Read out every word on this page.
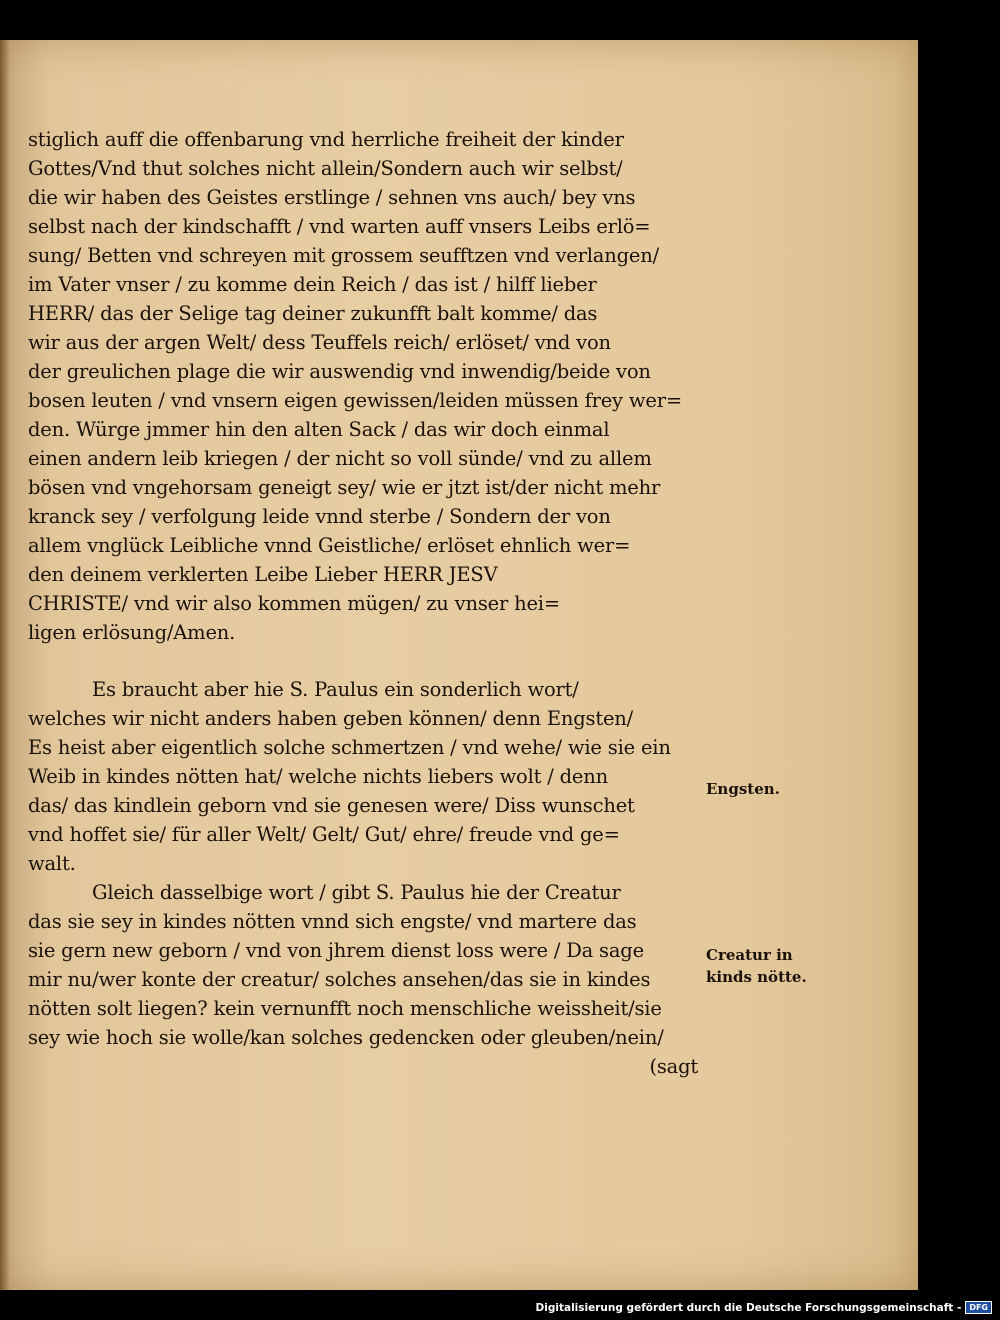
stiglich auff die offenbarung vnd herrliche freiheit der kinder
Gottes/Vnd thut solches nicht allein/Sondern auch wir selbst/
die wir haben des Geistes erstlinge / sehnen vns auch/ bey vns
selbst nach der kindschafft / vnd warten auff vnsers Leibs erlö=
sung/ Betten vnd schreyen mit grossem seufftzen vnd verlangen/
im Vater vnser / zu komme dein Reich / das ist / hilff lieber
HERR/ das der Selige tag deiner zukunfft balt komme/ das
wir aus der argen Welt/ dess Teuffels reich/ erlöset/ vnd von
der greulichen plage die wir auswendig vnd inwendig/beide von
bosen leuten / vnd vnsern eigen gewissen/leiden müssen frey wer=
den. Würge jmmer hin den alten Sack / das wir doch einmal
einen andern leib kriegen / der nicht so voll sünde/ vnd zu allem
bösen vnd vngehorsam geneigt sey/ wie er jtzt ist/der nicht mehr
kranck sey / verfolgung leide vnnd sterbe / Sondern der von
allem vnglück Leibliche vnnd Geistliche/ erlöset ehnlich wer=
den deinem verklerten Leibe Lieber HERR JESV
CHRISTE/ vnd wir also kommen mügen/ zu vnser hei=
ligen erlösung/Amen.
Es braucht aber hie S. Paulus ein sonderlich wort/
welches wir nicht anders haben geben können/ denn Engsten/
Es heist aber eigentlich solche schmertzen / vnd wehe/ wie sie ein
Weib in kindes nötten hat/ welche nichts liebers wolt / denn
das/ das kindlein geborn vnd sie genesen were/ Diss wunschet
vnd hoffet sie/ für aller Welt/ Gelt/ Gut/ ehre/ freude vnd ge=
walt.
Gleich dasselbige wort / gibt S. Paulus hie der Creatur
das sie sey in kindes nötten vnnd sich engste/ vnd martere das
sie gern new geborn / vnd von jhrem dienst loss were / Da sage
mir nu/wer konte der creatur/ solches ansehen/das sie in kindes
nötten solt liegen? kein vernunfft noch menschliche weissheit/sie
sey wie hoch sie wolle/kan solches gedencken oder gleuben/nein/
(sagt
Engsten.
Creatur in
kinds nötte.
Digitalisierung gefördert durch die Deutsche Forschungsgemeinschaft -	DFG
